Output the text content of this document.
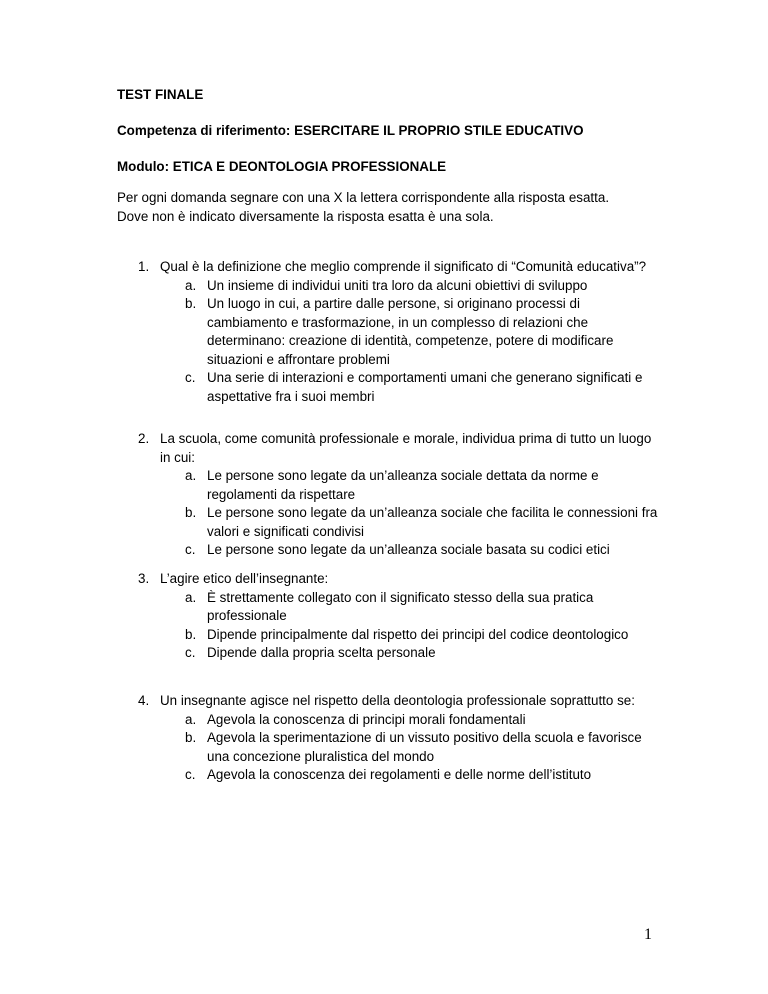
TEST FINALE
Competenza di riferimento: ESERCITARE IL PROPRIO STILE EDUCATIVO
Modulo: ETICA E DEONTOLOGIA PROFESSIONALE

Per ogni domanda segnare con una X la lettera corrispondente alla risposta esatta.

Dove non è indicato diversamente la risposta esatta è una sola.

1. Qual è la definizione che meglio comprende il significato di “Comunità educativa”?
a. Un insieme di individui uniti tra loro da alcuni obiettivi di sviluppo
b. Un luogo in cui, a partire dalle persone, si originano processi di cambiamento e trasformazione, in un complesso di relazioni che determinano: creazione di identità, competenze, potere di modificare situazioni e affrontare problemi
c. Una serie di interazioni e comportamenti umani che generano significati e aspettative fra i suoi membri
2. La scuola, come comunità professionale e morale, individua prima di tutto un luogo in cui:
a. Le persone sono legate da un’alleanza sociale dettata da norme e regolamenti da rispettare
b. Le persone sono legate da un’alleanza sociale che facilita le connessioni fra valori e significati condivisi
c. Le persone sono legate da un’alleanza sociale basata su codici etici
3. L’agire etico dell’insegnante:
a. È strettamente collegato con il significato stesso della sua pratica professionale
b. Dipende principalmente dal rispetto dei principi del codice deontologico
c. Dipende dalla propria scelta personale
4. Un insegnante agisce nel rispetto della deontologia professionale soprattutto se:
a. Agevola la conoscenza di principi morali fondamentali
b. Agevola la sperimentazione di un vissuto positivo della scuola e favorisce una concezione pluralistica del mondo
c. Agevola la conoscenza dei regolamenti e delle norme dell’istituto
1
